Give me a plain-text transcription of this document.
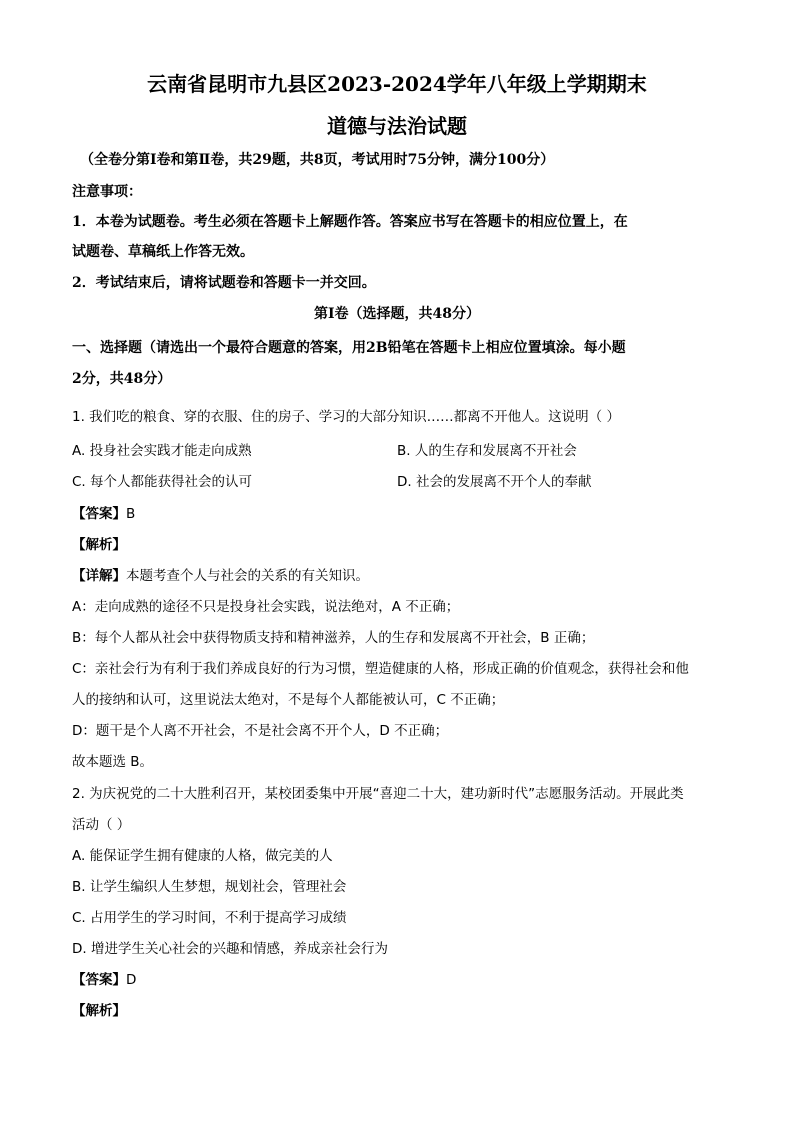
云南省昆明市九县区2023-2024学年八年级上学期期末
道德与法治试题
（全卷分第Ⅰ卷和第Ⅱ卷，共29题，共8页，考试用时75分钟，满分100分）
注意事项：
1．本卷为试题卷。考生必须在答题卡上解题作答。答案应书写在答题卡的相应位置上，在
试题卷、草稿纸上作答无效。
2．考试结束后，请将试题卷和答题卡一并交回。
第Ⅰ卷（选择题，共48分）
一、选择题（请选出一个最符合题意的答案，用2B铅笔在答题卡上相应位置填涂。每小题
2分，共48分）
1. 我们吃的粮食、穿的衣服、住的房子、学习的大部分知识……都离不开他人。这说明（ ）
A. 投身社会实践才能走向成熟	B. 人的生存和发展离不开社会
C. 每个人都能获得社会的认可	D. 社会的发展离不开个人的奉献
【答案】B
【解析】
【详解】本题考查个人与社会的关系的有关知识。
A：走向成熟的途径不只是投身社会实践，说法绝对，A 不正确；
B：每个人都从社会中获得物质支持和精神滋养，人的生存和发展离不开社会，B 正确；
C：亲社会行为有利于我们养成良好的行为习惯，塑造健康的人格，形成正确的价值观念，获得社会和他
人的接纳和认可，这里说法太绝对，不是每个人都能被认可，C 不正确；
D：题干是个人离不开社会，不是社会离不开个人，D 不正确；
故本题选 B。
2. 为庆祝党的二十大胜利召开，某校团委集中开展“喜迎二十大，建功新时代”志愿服务活动。开展此类
活动（ ）
A. 能保证学生拥有健康的人格，做完美的人
B. 让学生编织人生梦想，规划社会，管理社会
C. 占用学生的学习时间，不利于提高学习成绩
D. 增进学生关心社会的兴趣和情感，养成亲社会行为
【答案】D
【解析】
